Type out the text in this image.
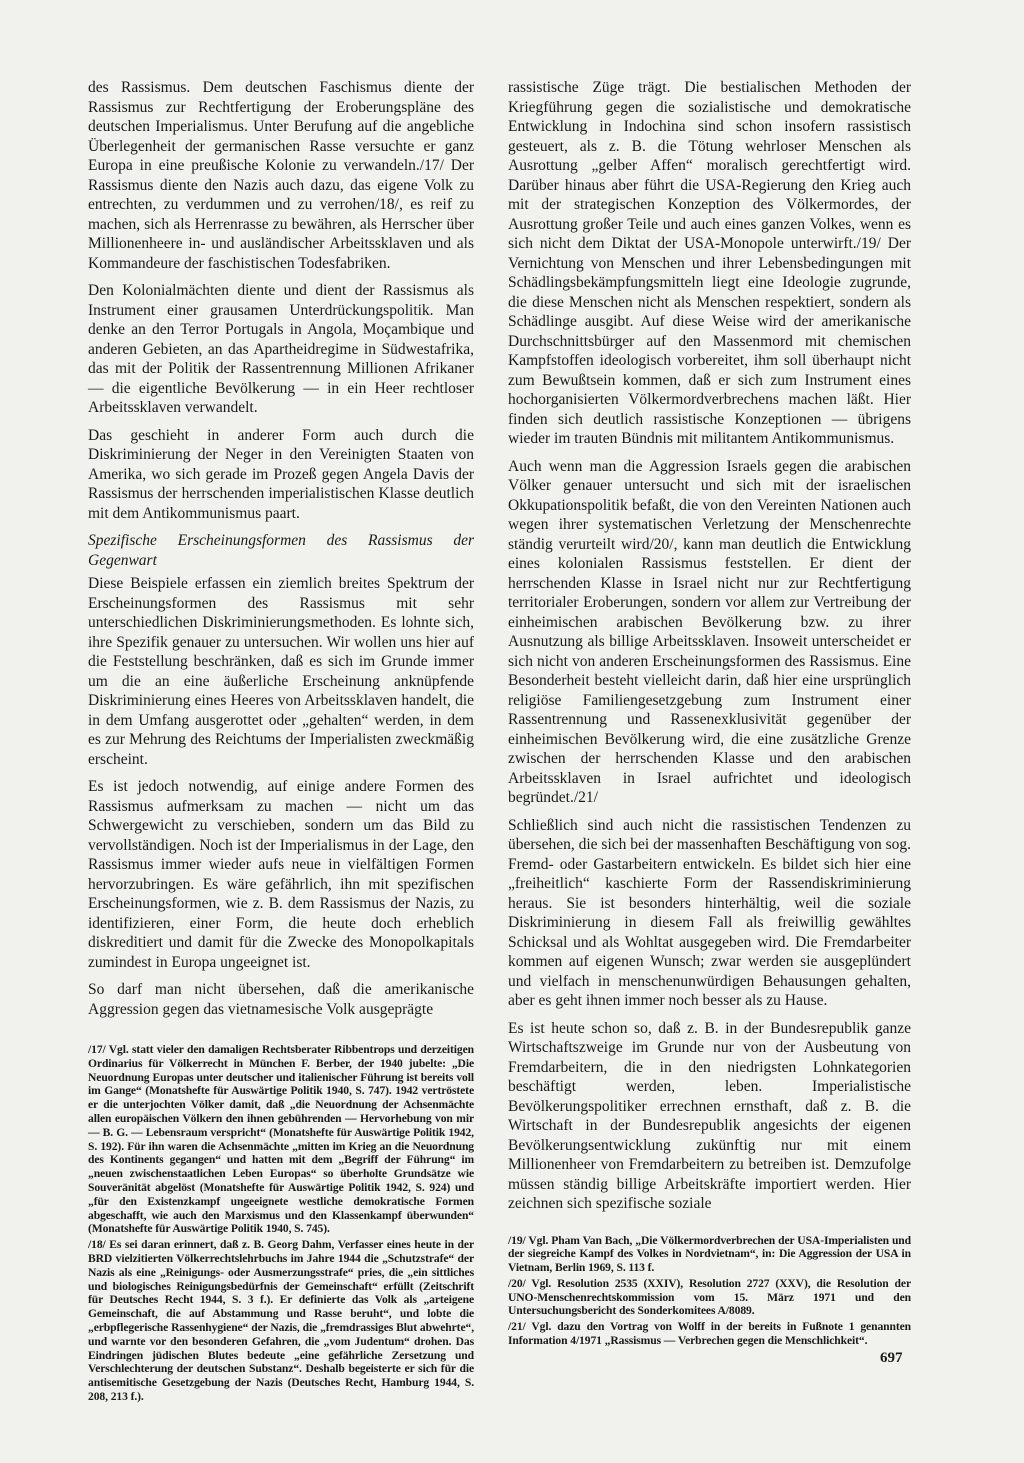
des Rassismus. Dem deutschen Faschismus diente der Rassismus zur Rechtfertigung der Eroberungspläne des deutschen Imperialismus. Unter Berufung auf die angebliche Überlegenheit der germanischen Rasse versuchte er ganz Europa in eine preußische Kolonie zu verwandeln./17/ Der Rassismus diente den Nazis auch dazu, das eigene Volk zu entrechten, zu verdummen und zu verrohen/18/, es reif zu machen, sich als Herrenrasse zu bewähren, als Herrscher über Millionenheere in- und ausländischer Arbeitssklaven und als Kommandeure der faschistischen Todesfabriken.

Den Kolonialmächten diente und dient der Rassismus als Instrument einer grausamen Unterdrückungspolitik. Man denke an den Terror Portugals in Angola, Moçambique und anderen Gebieten, an das Apartheidregime in Südwestafrika, das mit der Politik der Rassentrennung Millionen Afrikaner — die eigentliche Bevölkerung — in ein Heer rechtloser Arbeitssklaven verwandelt.

Das geschieht in anderer Form auch durch die Diskriminierung der Neger in den Vereinigten Staaten von Amerika, wo sich gerade im Prozeß gegen Angela Davis der Rassismus der herrschenden imperialistischen Klasse deutlich mit dem Antikommunismus paart.

Spezifische Erscheinungsformen des Rassismus der Gegenwart

Diese Beispiele erfassen ein ziemlich breites Spektrum der Erscheinungsformen des Rassismus mit sehr unterschiedlichen Diskriminierungsmethoden. Es lohnte sich, ihre Spezifik genauer zu untersuchen. Wir wollen uns hier auf die Feststellung beschränken, daß es sich im Grunde immer um die an eine äußerliche Erscheinung anknüpfende Diskriminierung eines Heeres von Arbeitssklaven handelt, die in dem Umfang ausgerottet oder „gehalten“ werden, in dem es zur Mehrung des Reichtums der Imperialisten zweckmäßig erscheint.

Es ist jedoch notwendig, auf einige andere Formen des Rassismus aufmerksam zu machen — nicht um das Schwergewicht zu verschieben, sondern um das Bild zu vervollständigen. Noch ist der Imperialismus in der Lage, den Rassismus immer wieder aufs neue in vielfältigen Formen hervorzubringen. Es wäre gefährlich, ihn mit spezifischen Erscheinungsformen, wie z. B. dem Rassismus der Nazis, zu identifizieren, einer Form, die heute doch erheblich diskreditiert und damit für die Zwecke des Monopolkapitals zumindest in Europa ungeeignet ist.

So darf man nicht übersehen, daß die amerikanische Aggression gegen das vietnamesische Volk ausgeprägte

/17/ Vgl. statt vieler den damaligen Rechtsberater Ribbentrops und derzeitigen Ordinarius für Völkerrecht in München F. Berber, der 1940 jubelte: „Die Neuordnung Europas unter deutscher und italienischer Führung ist bereits voll im Gange“ (Monatshefte für Auswärtige Politik 1940, S. 747). 1942 vertröstete er die unterjochten Völker damit, daß „die Neuordnung der Achsenmächte allen europäischen Völkern den ihnen gebührenden — Hervorhebung von mir — B. G. — Lebensraum verspricht“ (Monatshefte für Auswärtige Politik 1942, S. 192). Für ihn waren die Achsenmächte „mitten im Krieg an die Neuordnung des Kontinents gegangen“ und hatten mit dem „Begriff der Führung“ im „neuen zwischenstaatlichen Leben Europas“ so überholte Grundsätze wie Souveränität abgelöst (Monatshefte für Auswärtige Politik 1942, S. 924) und „für den Existenzkampf ungeeignete westliche demokratische Formen abgeschafft, wie auch den Marxismus und den Klassenkampf überwunden“ (Monatshefte für Auswärtige Politik 1940, S. 745).

/18/ Es sei daran erinnert, daß z. B. Georg Dahm, Verfasser eines heute in der BRD vielzitierten Völkerrechtslehrbuchs im Jahre 1944 die „Schutzstrafe“ der Nazis als eine „Reinigungs- oder Ausmerzungsstrafe“ pries, die „ein sittliches und biologisches Reinigungsbedürfnis der Gemeinschaft“ erfüllt (Zeitschrift für Deutsches Recht 1944, S. 3 f.). Er definierte das Volk als „arteigene Gemeinschaft, die auf Abstammung und Rasse beruht“, und lobte die „erbpflegerische Rassenhygiene“ der Nazis, die „fremdrassiges Blut abwehrte“, und warnte vor den besonderen Gefahren, die „vom Judentum“ drohen. Das Eindringen jüdischen Blutes bedeute „eine gefährliche Zersetzung und Verschlechterung der deutschen Substanz“. Deshalb begeisterte er sich für die antisemitische Gesetzgebung der Nazis (Deutsches Recht, Hamburg 1944, S. 208, 213 f.).

rassistische Züge trägt. Die bestialischen Methoden der Kriegführung gegen die sozialistische und demokratische Entwicklung in Indochina sind schon insofern rassistisch gesteuert, als z. B. die Tötung wehrloser Menschen als Ausrottung „gelber Affen“ moralisch gerechtfertigt wird. Darüber hinaus aber führt die USA-Regierung den Krieg auch mit der strategischen Konzeption des Völkermordes, der Ausrottung großer Teile und auch eines ganzen Volkes, wenn es sich nicht dem Diktat der USA-Monopole unterwirft./19/ Der Vernichtung von Menschen und ihrer Lebensbedingungen mit Schädlingsbekämpfungsmitteln liegt eine Ideologie zugrunde, die diese Menschen nicht als Menschen respektiert, sondern als Schädlinge ausgibt. Auf diese Weise wird der amerikanische Durchschnittsbürger auf den Massenmord mit chemischen Kampfstoffen ideologisch vorbereitet, ihm soll überhaupt nicht zum Bewußtsein kommen, daß er sich zum Instrument eines hochorganisierten Völkermordverbrechens machen läßt. Hier finden sich deutlich rassistische Konzeptionen — übrigens wieder im trauten Bündnis mit militantem Antikommunismus.

Auch wenn man die Aggression Israels gegen die arabischen Völker genauer untersucht und sich mit der israelischen Okkupationspolitik befaßt, die von den Vereinten Nationen auch wegen ihrer systematischen Verletzung der Menschenrechte ständig verurteilt wird/20/, kann man deutlich die Entwicklung eines kolonialen Rassismus feststellen. Er dient der herrschenden Klasse in Israel nicht nur zur Rechtfertigung territorialer Eroberungen, sondern vor allem zur Vertreibung der einheimischen arabischen Bevölkerung bzw. zu ihrer Ausnutzung als billige Arbeitssklaven. Insoweit unterscheidet er sich nicht von anderen Erscheinungsformen des Rassismus. Eine Besonderheit besteht vielleicht darin, daß hier eine ursprünglich religiöse Familiengesetzgebung zum Instrument einer Rassentrennung und Rassenexklusivität gegenüber der einheimischen Bevölkerung wird, die eine zusätzliche Grenze zwischen der herrschenden Klasse und den arabischen Arbeitssklaven in Israel aufrichtet und ideologisch begründet./21/

Schließlich sind auch nicht die rassistischen Tendenzen zu übersehen, die sich bei der massenhaften Beschäftigung von sog. Fremd- oder Gastarbeitern entwickeln. Es bildet sich hier eine „freiheitlich“ kaschierte Form der Rassendiskriminierung heraus. Sie ist besonders hinterhältig, weil die soziale Diskriminierung in diesem Fall als freiwillig gewähltes Schicksal und als Wohltat ausgegeben wird. Die Fremdarbeiter kommen auf eigenen Wunsch; zwar werden sie ausgeplündert und vielfach in menschenunwürdigen Behausungen gehalten, aber es geht ihnen immer noch besser als zu Hause.

Es ist heute schon so, daß z. B. in der Bundesrepublik ganze Wirtschaftszweige im Grunde nur von der Ausbeutung von Fremdarbeitern, die in den niedrigsten Lohnkategorien beschäftigt werden, leben. Imperialistische Bevölkerungspolitiker errechnen ernsthaft, daß z. B. die Wirtschaft in der Bundesrepublik angesichts der eigenen Bevölkerungsentwicklung zukünftig nur mit einem Millionenheer von Fremdarbeitern zu betreiben ist. Demzufolge müssen ständig billige Arbeitskräfte importiert werden. Hier zeichnen sich spezifische soziale

/19/ Vgl. Pham Van Bach, „Die Völkermordverbrechen der USA-Imperialisten und der siegreiche Kampf des Volkes in Nordvietnam“, in: Die Aggression der USA in Vietnam, Berlin 1969, S. 113 f.

/20/ Vgl. Resolution 2535 (XXIV), Resolution 2727 (XXV), die Resolution der UNO-Menschenrechtskommission vom 15. März 1971 und den Untersuchungsbericht des Sonderkomitees A/8089.

/21/ Vgl. dazu den Vortrag von Wolff in der bereits in Fußnote 1 genannten Information 4/1971 „Rassismus — Verbrechen gegen die Menschlichkeit“.

697
